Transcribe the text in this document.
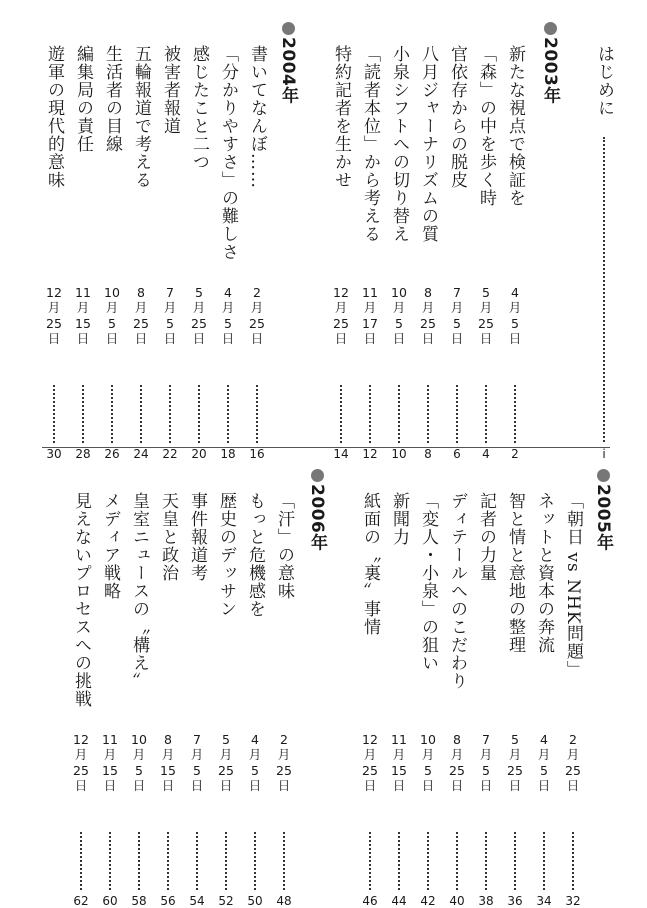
はじめに
i
2003年
新たな視点で検証を
4
月
5
日
2
「森」の中を歩く時
5
月
25
日
4
官依存からの脱皮
7
月
5
日
6
八月ジャーナリズムの質
8
月
25
日
8
小泉シフトへの切り替え
10
月
5
日
10
「読者本位」から考える
11
月
17
日
12
特約記者を生かせ
12
月
25
日
14
2004年
書いてなんぼ……
2
月
25
日
16
「分かりやすさ」の難しさ
4
月
5
日
18
感じたこと二つ
5
月
25
日
20
被害者報道
7
月
5
日
22
五輪報道で考える
8
月
25
日
24
生活者の目線
10
月
5
日
26
編集局の責任
11
月
15
日
28
遊軍の現代的意味
12
月
25
日
30
2005年
「朝日 vs NHK問題」
2
月
25
日
32
ネットと資本の奔流
4
月
5
日
34
智と情と意地の整理
5
月
25
日
36
記者の力量
7
月
5
日
38
ディテールへのこだわり
8
月
25
日
40
「変人・小泉」の狙い
10
月
5
日
42
新聞力
11
月
15
日
44
紙面の〝裏〟事情
12
月
25
日
46
2006年
「汗」の意味
2
月
25
日
48
もっと危機感を
4
月
5
日
50
歴史のデッサン
5
月
25
日
52
事件報道考
7
月
5
日
54
天皇と政治
8
月
15
日
56
皇室ニュースの〝構え〟
10
月
5
日
58
メディア戦略
11
月
15
日
60
見えないプロセスへの挑戦
12
月
25
日
62
